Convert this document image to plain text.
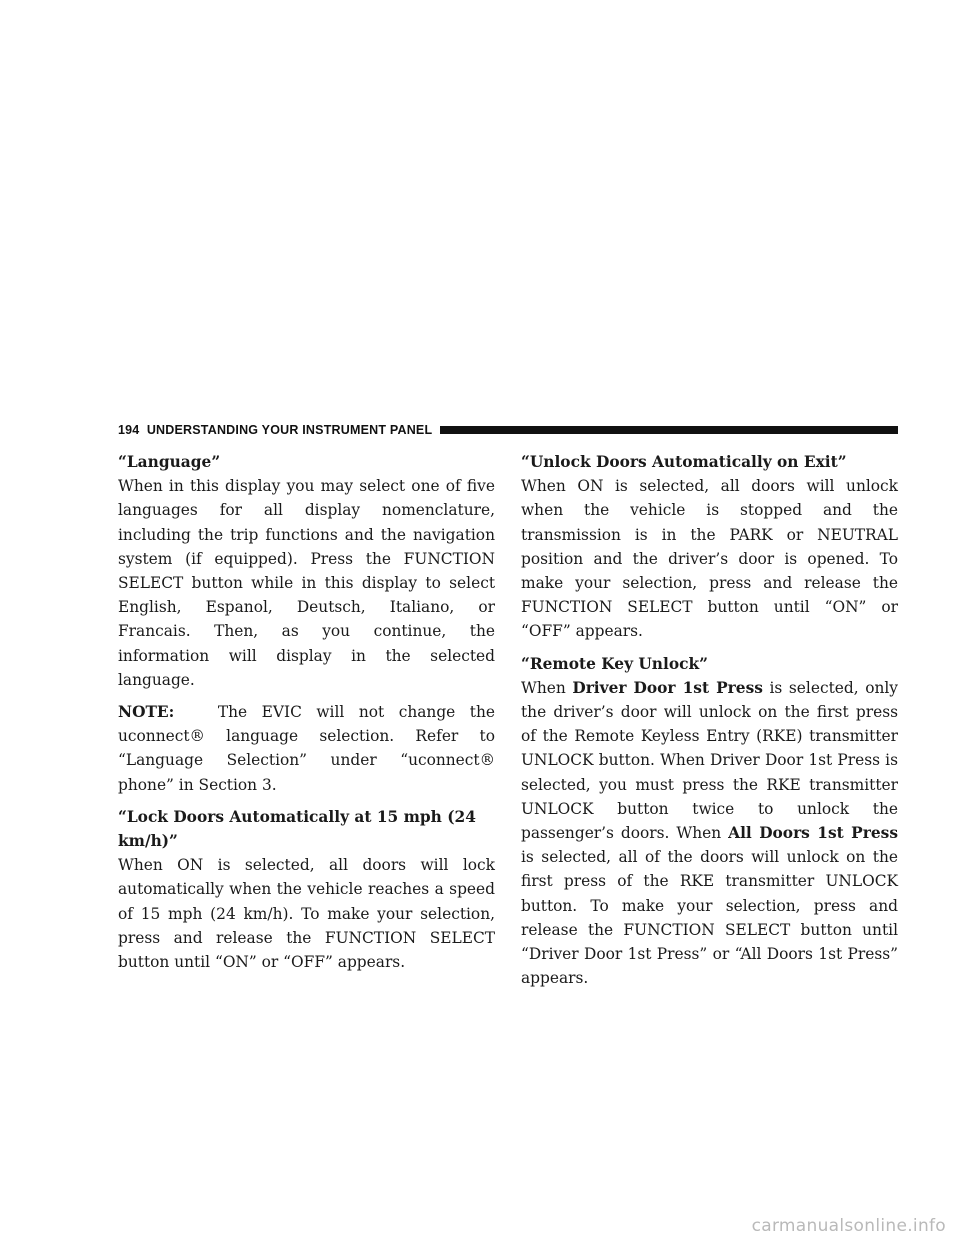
194 UNDERSTANDING YOUR INSTRUMENT PANEL
“Language”

When in this display you may select one of five languages for all display nomenclature, including the trip functions and the navigation system (if equipped). Press the FUNCTION SELECT button while in this display to select English, Espanol, Deutsch, Italiano, or Francais. Then, as you continue, the information will display in the selected language.

NOTE:	The EVIC will not change the uconnect® language selection. Refer to “Language Selection” under “uconnect® phone” in Section 3.

“Lock Doors Automatically at 15 mph (24 km/h)”

When ON is selected, all doors will lock automatically when the vehicle reaches a speed of 15 mph (24 km/h). To make your selection, press and release the FUNCTION SELECT button until “ON” or “OFF” appears.

“Unlock Doors Automatically on Exit”

When ON is selected, all doors will unlock when the vehicle is stopped and the transmission is in the PARK or NEUTRAL position and the driver’s door is opened. To make your selection, press and release the FUNCTION SELECT button until “ON” or “OFF” appears.

“Remote Key Unlock”

When Driver Door 1st Press is selected, only the driver’s door will unlock on the first press of the Remote Keyless Entry (RKE) transmitter UNLOCK button. When Driver Door 1st Press is selected, you must press the RKE transmitter UNLOCK button twice to unlock the passenger’s doors. When All Doors 1st Press is selected, all of the doors will unlock on the first press of the RKE transmitter UNLOCK button. To make your selection, press and release the FUNCTION SELECT button until “Driver Door 1st Press” or “All Doors 1st Press” appears.

carmanualsonline.info
